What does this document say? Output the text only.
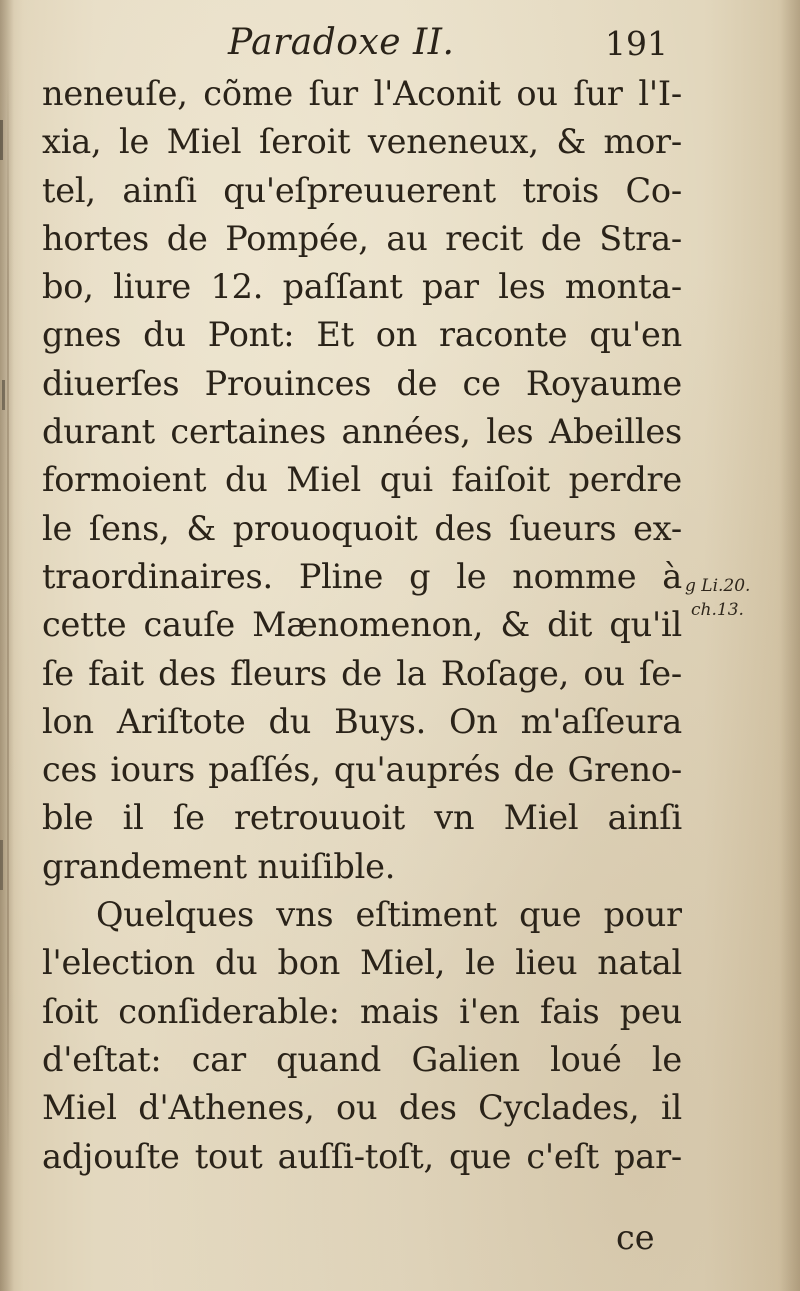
Paradoxe II.	191
neneuſe, cõme ſur l'Aconit ou ſur l'I-
xia, le Miel ſeroit veneneux, & mor-
tel, ainſi qu'eſpreuuerent trois Co-
hortes de Pompée, au recit de Stra-
bo, liure 12. paſſant par les monta-
gnes du Pont: Et on raconte qu'en
diuerſes Prouinces de ce Royaume
durant certaines années, les Abeilles
formoient du Miel qui faiſoit perdre
le ſens, & prouoquoit des ſueurs ex-
traordinaires. Pline g le nomme à
cette cauſe Mænomenon, & dit qu'il
ſe fait des fleurs de la Roſage, ou ſe-
lon Ariſtote du Buys. On m'aſſeura
ces iours paſſés, qu'auprés de Greno-
ble il ſe retrouuoit vn Miel ainſi
grandement nuiſible.
Quelques vns eſtiment que pour
l'election du bon Miel, le lieu natal
ſoit conſiderable: mais i'en fais peu
d'eſtat: car quand Galien loué le
Miel d'Athenes, ou des Cyclades, il
adjouſte tout auſſi-toſt, que c'eſt par-
g Li.20.
ch.13.
ce
